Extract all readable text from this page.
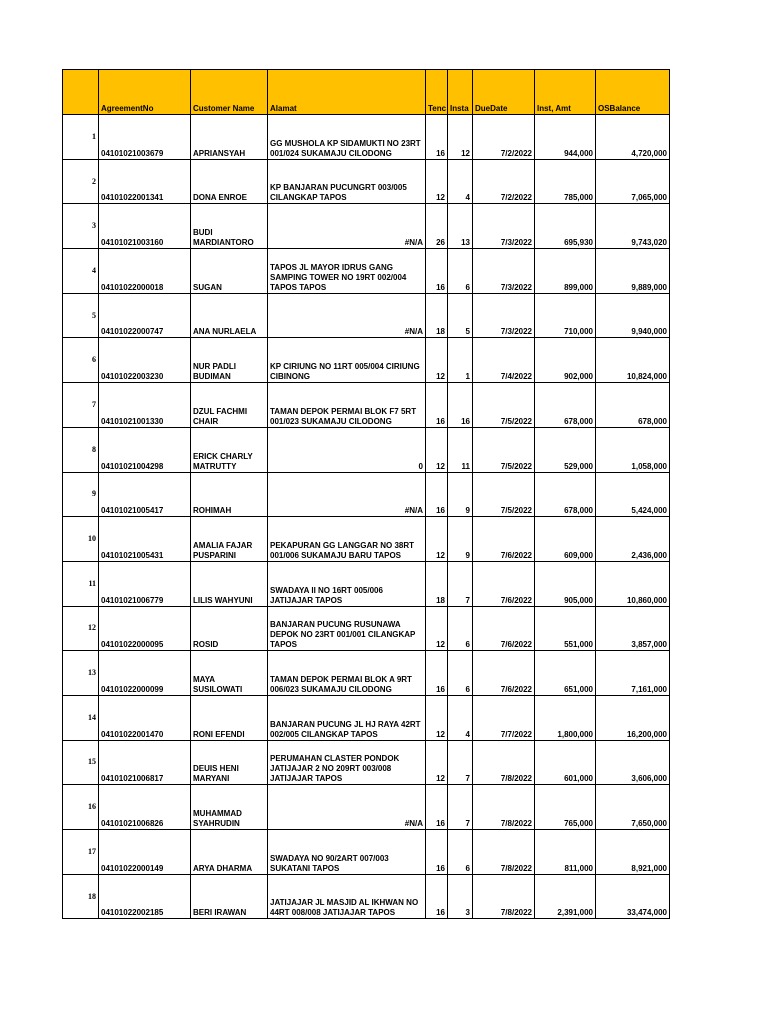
	AgreementNo	Customer Name	Alamat	Tenc	Insta	DueDate	Inst, Amt	OSBalance
1	04101021003679	APRIANSYAH	GG MUSHOLA KP SIDAMUKTI NO 23RT 001/024 SUKAMAJU CILODONG	16	12	7/2/2022	944,000	4,720,000
2	04101022001341	DONA ENROE	KP BANJARAN PUCUNGRT 003/005 CILANGKAP TAPOS	12	4	7/2/2022	785,000	7,065,000
3	04101021003160	BUDI MARDIANTORO	#N/A	26	13	7/3/2022	695,930	9,743,020
4	04101022000018	SUGAN	TAPOS JL MAYOR IDRUS GANG SAMPING TOWER NO 19RT 002/004 TAPOS TAPOS	16	6	7/3/2022	899,000	9,889,000
5	04101022000747	ANA NURLAELA	#N/A	18	5	7/3/2022	710,000	9,940,000
6	04101022003230	NUR PADLI BUDIMAN	KP CIRIUNG NO 11RT 005/004 CIRIUNG CIBINONG	12	1	7/4/2022	902,000	10,824,000
7	04101021001330	DZUL FACHMI CHAIR	TAMAN DEPOK PERMAI BLOK F7 5RT 001/023 SUKAMAJU CILODONG	16	16	7/5/2022	678,000	678,000
8	04101021004298	ERICK CHARLY MATRUTTY	0	12	11	7/5/2022	529,000	1,058,000
9	04101021005417	ROHIMAH	#N/A	16	9	7/5/2022	678,000	5,424,000
10	04101021005431	AMALIA FAJAR PUSPARINI	PEKAPURAN GG LANGGAR NO 38RT 001/006 SUKAMAJU BARU TAPOS	12	9	7/6/2022	609,000	2,436,000
11	04101021006779	LILIS WAHYUNI	SWADAYA II NO 16RT 005/006 JATIJAJAR TAPOS	18	7	7/6/2022	905,000	10,860,000
12	04101022000095	ROSID	BANJARAN PUCUNG RUSUNAWA DEPOK NO 23RT 001/001 CILANGKAP TAPOS	12	6	7/6/2022	551,000	3,857,000
13	04101022000099	MAYA SUSILOWATI	TAMAN DEPOK PERMAI BLOK A 9RT 006/023 SUKAMAJU CILODONG	16	6	7/6/2022	651,000	7,161,000
14	04101022001470	RONI EFENDI	BANJARAN PUCUNG JL HJ RAYA 42RT 002/005 CILANGKAP TAPOS	12	4	7/7/2022	1,800,000	16,200,000
15	04101021006817	DEUIS HENI MARYANI	PERUMAHAN CLASTER PONDOK JATIJAJAR 2 NO 209RT 003/008 JATIJAJAR TAPOS	12	7	7/8/2022	601,000	3,606,000
16	04101021006826	MUHAMMAD SYAHRUDIN	#N/A	16	7	7/8/2022	765,000	7,650,000
17	04101022000149	ARYA DHARMA	SWADAYA NO 90/2ART 007/003 SUKATANI TAPOS	16	6	7/8/2022	811,000	8,921,000
18	04101022002185	BERI IRAWAN	JATIJAJAR JL MASJID AL IKHWAN NO 44RT 008/008 JATIJAJAR TAPOS	16	3	7/8/2022	2,391,000	33,474,000
